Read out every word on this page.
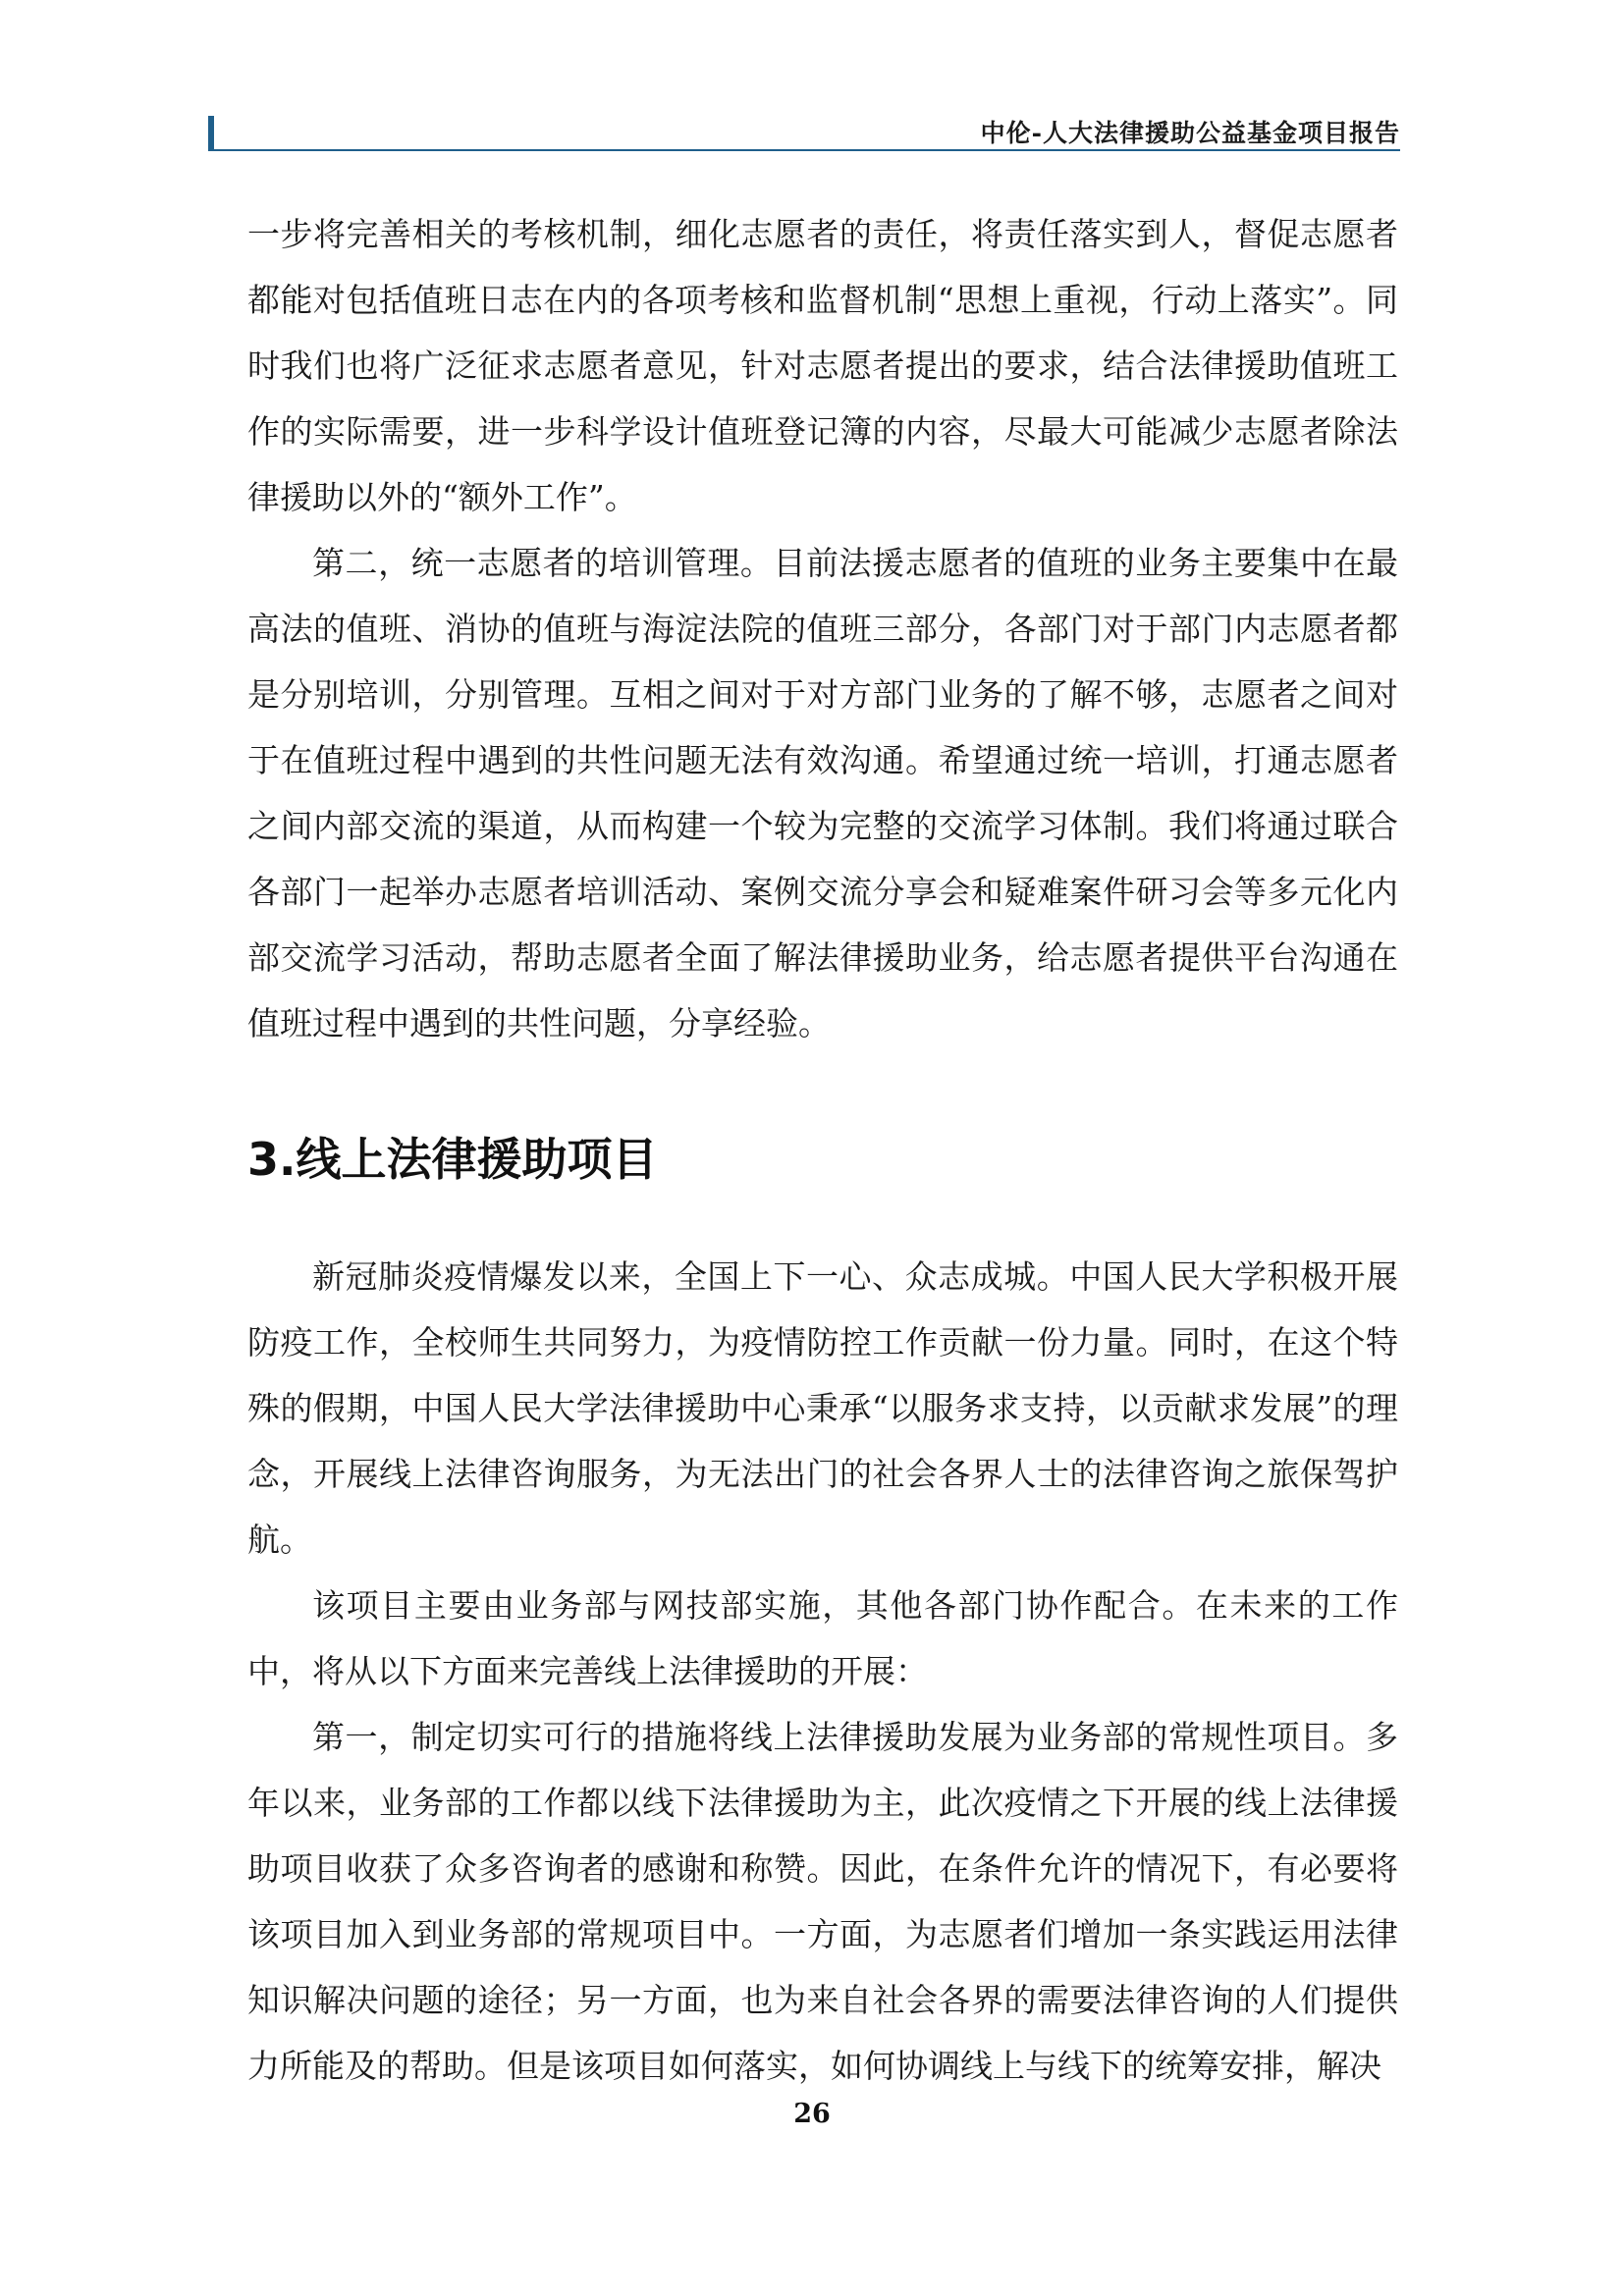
中伦-人大法律援助公益基金项目报告

一步将完善相关的考核机制，细化志愿者的责任，将责任落实到人，督促志愿者都能对包括值班日志在内的各项考核和监督机制“思想上重视，行动上落实”。同时我们也将广泛征求志愿者意见，针对志愿者提出的要求，结合法律援助值班工作的实际需要，进一步科学设计值班登记簿的内容，尽最大可能减少志愿者除法律援助以外的“额外工作”。

第二，统一志愿者的培训管理。目前法援志愿者的值班的业务主要集中在最高法的值班、消协的值班与海淀法院的值班三部分，各部门对于部门内志愿者都是分别培训，分别管理。互相之间对于对方部门业务的了解不够，志愿者之间对于在值班过程中遇到的共性问题无法有效沟通。希望通过统一培训，打通志愿者之间内部交流的渠道，从而构建一个较为完整的交流学习体制。我们将通过联合各部门一起举办志愿者培训活动、案例交流分享会和疑难案件研习会等多元化内部交流学习活动，帮助志愿者全面了解法律援助业务，给志愿者提供平台沟通在值班过程中遇到的共性问题，分享经验。

3.线上法律援助项目

新冠肺炎疫情爆发以来，全国上下一心、众志成城。中国人民大学积极开展防疫工作，全校师生共同努力，为疫情防控工作贡献一份力量。同时，在这个特殊的假期，中国人民大学法律援助中心秉承“以服务求支持，以贡献求发展”的理念，开展线上法律咨询服务，为无法出门的社会各界人士的法律咨询之旅保驾护航。

该项目主要由业务部与网技部实施，其他各部门协作配合。在未来的工作中，将从以下方面来完善线上法律援助的开展：

第一，制定切实可行的措施将线上法律援助发展为业务部的常规性项目。多年以来，业务部的工作都以线下法律援助为主，此次疫情之下开展的线上法律援助项目收获了众多咨询者的感谢和称赞。因此，在条件允许的情况下，有必要将该项目加入到业务部的常规项目中。一方面，为志愿者们增加一条实践运用法律知识解决问题的途径；另一方面，也为来自社会各界的需要法律咨询的人们提供力所能及的帮助。但是该项目如何落实，如何协调线上与线下的统筹安排，解决

26
